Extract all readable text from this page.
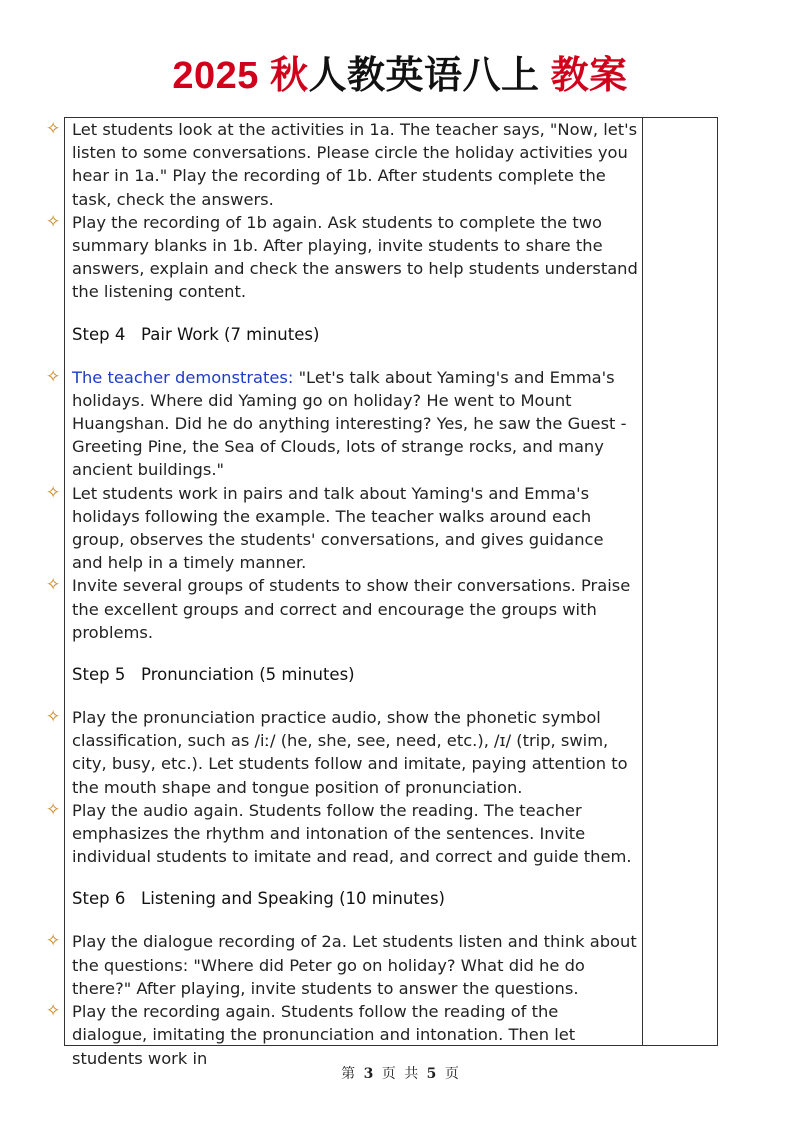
2025 秋人教英语八上 教案
✧ Let students look at the activities in 1a. The teacher says, "Now, let's listen to some conversations. Please circle the holiday activities you hear in 1a." Play the recording of 1b. After students complete the task, check the answers.
✧ Play the recording of 1b again. Ask students to complete the two summary blanks in 1b. After playing, invite students to share the answers, explain and check the answers to help students understand the listening content.
Step 4   Pair Work (7 minutes)
✧ The teacher demonstrates: "Let's talk about Yaming's and Emma's holidays. Where did Yaming go on holiday? He went to Mount Huangshan. Did he do anything interesting? Yes, he saw the Guest - Greeting Pine, the Sea of Clouds, lots of strange rocks, and many ancient buildings."
✧ Let students work in pairs and talk about Yaming's and Emma's holidays following the example. The teacher walks around each group, observes the students' conversations, and gives guidance and help in a timely manner.
✧ Invite several groups of students to show their conversations. Praise the excellent groups and correct and encourage the groups with problems.
Step 5   Pronunciation (5 minutes)
✧ Play the pronunciation practice audio, show the phonetic symbol classification, such as /iː/ (he, she, see, need, etc.), /ɪ/ (trip, swim, city, busy, etc.). Let students follow and imitate, paying attention to the mouth shape and tongue position of pronunciation.
✧ Play the audio again. Students follow the reading. The teacher emphasizes the rhythm and intonation of the sentences. Invite individual students to imitate and read, and correct and guide them.
Step 6   Listening and Speaking (10 minutes)
✧ Play the dialogue recording of 2a. Let students listen and think about the questions: "Where did Peter go on holiday? What did he do there?" After playing, invite students to answer the questions.
✧ Play the recording again. Students follow the reading of the dialogue, imitating the pronunciation and intonation. Then let students work in
第 3 页 共 5 页
